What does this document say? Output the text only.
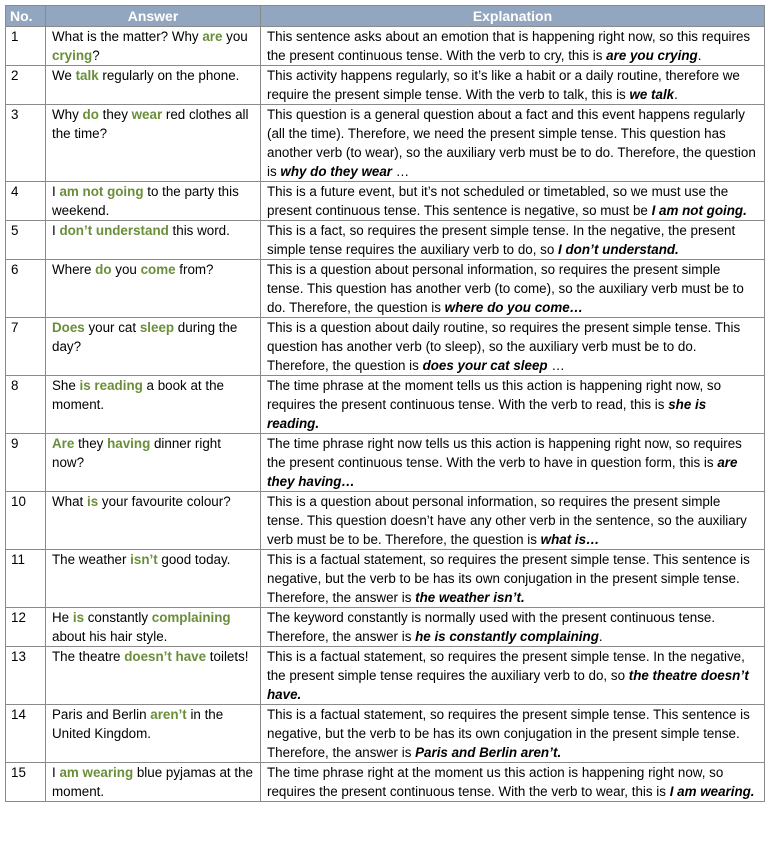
No.	Answer	Explanation
1	What is the matter? Why are you crying?	This sentence asks about an emotion that is happening right now, so this requires the present continuous tense. With the verb to cry, this is are you crying.
2	We talk regularly on the phone.	This activity happens regularly, so it’s like a habit or a daily routine, therefore we require the present simple tense. With the verb to talk, this is we talk.
3	Why do they wear red clothes all the time?	This question is a general question about a fact and this event happens regularly (all the time). Therefore, we need the present simple tense. This question has another verb (to wear), so the auxiliary verb must be to do. Therefore, the question is why do they wear …
4	I am not going to the party this weekend.	This is a future event, but it’s not scheduled or timetabled, so we must use the present continuous tense. This sentence is negative, so must be I am not going.
5	I don’t understand this word.	This is a fact, so requires the present simple tense. In the negative, the present simple tense requires the auxiliary verb to do, so I don’t understand.
6	Where do you come from?	This is a question about personal information, so requires the present simple tense. This question has another verb (to come), so the auxiliary verb must be to do. Therefore, the question is where do you come…
7	Does your cat sleep during the day?	This is a question about daily routine, so requires the present simple tense. This question has another verb (to sleep), so the auxiliary verb must be to do. Therefore, the question is does your cat sleep …
8	She is reading a book at the moment.	The time phrase at the moment tells us this action is happening right now, so requires the present continuous tense. With the verb to read, this is she is reading.
9	Are they having dinner right now?	The time phrase right now tells us this action is happening right now, so requires the present continuous tense. With the verb to have in question form, this is are they having…
10	What is your favourite colour?	This is a question about personal information, so requires the present simple tense. This question doesn’t have any other verb in the sentence, so the auxiliary verb must be to be. Therefore, the question is what is…
11	The weather isn’t good today.	This is a factual statement, so requires the present simple tense. This sentence is negative, but the verb to be has its own conjugation in the present simple tense. Therefore, the answer is the weather isn’t.
12	He is constantly complaining about his hair style.	The keyword constantly is normally used with the present continuous tense. Therefore, the answer is he is constantly complaining.
13	The theatre doesn’t have toilets!	This is a factual statement, so requires the present simple tense. In the negative, the present simple tense requires the auxiliary verb to do, so the theatre doesn’t have.
14	Paris and Berlin aren’t in the United Kingdom.	This is a factual statement, so requires the present simple tense. This sentence is negative, but the verb to be has its own conjugation in the present simple tense. Therefore, the answer is Paris and Berlin aren’t.
15	I am wearing blue pyjamas at the moment.	The time phrase right at the moment us this action is happening right now, so requires the present continuous tense. With the verb to wear, this is I am wearing.
